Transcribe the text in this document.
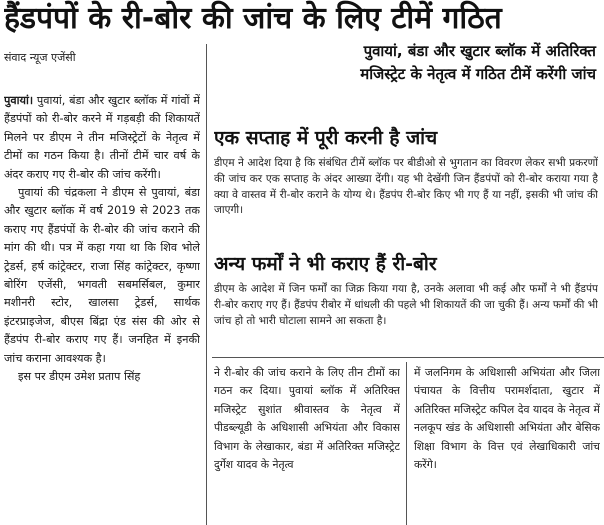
हैंडपंपों के री-बोर की जांच के लिए टीमें गठित
संवाद न्यूज एजेंसी	पुवायां, बंडा और खुटार ब्लॉक में अतिरिक्त
मजिस्ट्रेट के नेतृत्व में गठित टीमें करेंगी जांच

पुवायां। पुवायां, बंडा और खुटार ब्लॉक में गांवों में हैंडपंपों को री-बोर करने में गड़बड़ी की शिकायतें मिलने पर डीएम ने तीन मजिस्ट्रेटों के नेतृत्व में टीमों का गठन किया है। तीनों टीमें चार वर्ष के अंदर कराए गए री-बोर की जांच करेंगी।

पुवायां की चंद्रकला ने डीएम से पुवायां, बंडा और खुटार ब्लॉक में वर्ष 2019 से 2023 तक कराए गए हैंडपंपों के री-बोर की जांच कराने की मांग की थी। पत्र में कहा गया था कि शिव भोले ट्रेडर्स, हर्ष कांट्रेक्टर, राजा सिंह कांट्रेक्टर, कृष्णा बोरिंग एजेंसी, भगवती सबमर्सिबल, कुमार मशीनरी स्टोर, खालसा ट्रेडर्स, सार्थक इंटरप्राइजेज, बीएस बिंद्रा एंड संस की ओर से हैंडपंप री-बोर कराए गए हैं। जनहित में इनकी जांच कराना आवश्यक है।

इस पर डीएम उमेश प्रताप सिंह

एक सप्ताह में पूरी करनी है जांच
डीएम ने आदेश दिया है कि संबंधित टीमें ब्लॉक पर बीडीओ से भुगतान का विवरण लेकर सभी प्रकरणों की जांच कर एक सप्ताह के अंदर आख्या देंगी। यह भी देखेंगी जिन हैंडपंपों को री-बोर कराया गया है क्या वे वास्तव में री-बोर कराने के योग्य थे। हैंडपंप री-बोर किए भी गए हैं या नहीं, इसकी भी जांच की जाएगी।
अन्य फर्मों ने भी कराए हैं री-बोर
डीएम के आदेश में जिन फर्मों का जिक्र किया गया है, उनके अलावा भी कई और फर्मों ने भी हैंडपंप री-बोर कराए गए हैं। हैंडपंप रीबोर में धांधली की पहले भी शिकायतें की जा चुकी हैं। अन्य फर्मों की भी जांच हो तो भारी घोटाला सामने आ सकता है।
ने री-बोर की जांच कराने के लिए तीन टीमों का गठन कर दिया। पुवायां ब्लॉक में अतिरिक्त मजिस्ट्रेट सुशांत श्रीवास्तव के नेतृत्व में पीडब्ल्यूडी के अधिशासी अभियंता और विकास विभाग के लेखाकार, बंडा में अतिरिक्त मजिस्ट्रेट दुर्गेश यादव के नेतृत्व
में जलनिगम के अधिशासी अभियंता और जिला पंचायत के वित्तीय परामर्शदाता, खुटार में अतिरिक्त मजिस्ट्रेट कपिल देव यादव के नेतृत्व में नलकूप खंड के अधिशासी अभियंता और बेसिक शिक्षा विभाग के वित्त एवं लेखाधिकारी जांच करेंगे।
